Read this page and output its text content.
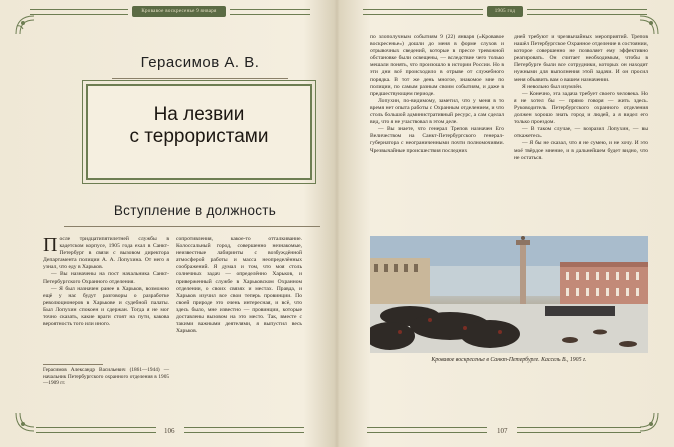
Кровавое воскресенье 9 января
Герасимов А. В.
На лезвии
с террористами
Вступление в должность
П осле тридцатипятилетней службы в кадетском корпусе, 1905 года ехал в Санкт-Петербург в связи с вызовом директора Департамента полиции А. А. Лопухина. От него я узнал, что еду в Харьков.

— Вы назначены на пост начальника Санкт-Петербургского Охранного отделения.

— Я был назначен ранее в Харьков, возможно ещё у нас будут разговоры о разработке революционеров в Харькове и судебной палаты. Был Лопухин спокоен и сдержан. Тогда я не мог точно сказать, какие враги стоят на пути, какова вероятность того или иного.

сопротивления, какое-то отталкивание. Колоссальный город, совершенно незнакомые, неизвестные лабиринты с возбуждённой атмосферой работы и масса неопределённых соображений. Я думал и том, что моя столь солнечных задач — определённо Харьков, и приверженный службе в Харьковском Охранном отделении, о своих связях и местах. Правда, и Харьков изучил все свои теперь провинции. По своей природе это очень интересная, и всё, что здесь было, мне известно — провинции, которые доставлены вызовом на это место. Так, вместе с такими важными деятелями, я выпустил весь Харьков.

Герасимов Александр Васильевич (1861—1944) — начальник Петербургского охранного отделения в 1905—1909 гг.
106
1905 год

по злополучным событиям 9 (22) января («Кровавое воскресенье») дошли до меня в форме слухов и отрывочных сведений, которые в прессе тревожной обстановке были освещены, — вследствие чего только мешали понять, что произошло в истории России. Но в эти дни всё происходило в отрыве от служебного порядка. В тот же день многое, знакомое мне по полиции, по самым разным своим событиям, и даже в предшествующем периоде.

Лопухин, по-видимому, заметил, что у меня в то время нет опыта работы с Охранным отделением, и что столь большой административный ресурс, а сам сделал вид, что я не участвовал в этом деле.

— Вы знаете, что генерал Трепов назначен Его Величеством на Санкт-Петербургского генерал-губернатора с неограниченными почти полномочиями. Чрезвычайные происшествия последних

дней требуют и чрезвычайных мероприятий. Трепов нашёл Петербургское Охранное отделение в состоянии, которое совершенно не позволяет ему эффективно реагировать. Он считает необходимым, чтобы в Петербурге были все сотрудники, которых он находит нужными для выполнения этой задачи. И он просил меня объявить вам о вашем назначении.

Я невольно был изумлён.

— Конечно, эта задача требует своего человека. Но я не хотел бы — прямо говоря — жить здесь. Руководитель Петербургского охранного отделения должен хорошо знать город и людей, а я видел его только проездом.

— В таком случае, — возразил Лопухин, — вы откажетесь.

— Я бы не сказал, что я не сумею, и не хочу. И это моё твёрдое мнение, и в дальнейшем будет видно, что не остаться.

Кровавое воскресенье в Санкт-Петербурге. Кассель В., 1905 г.
107
